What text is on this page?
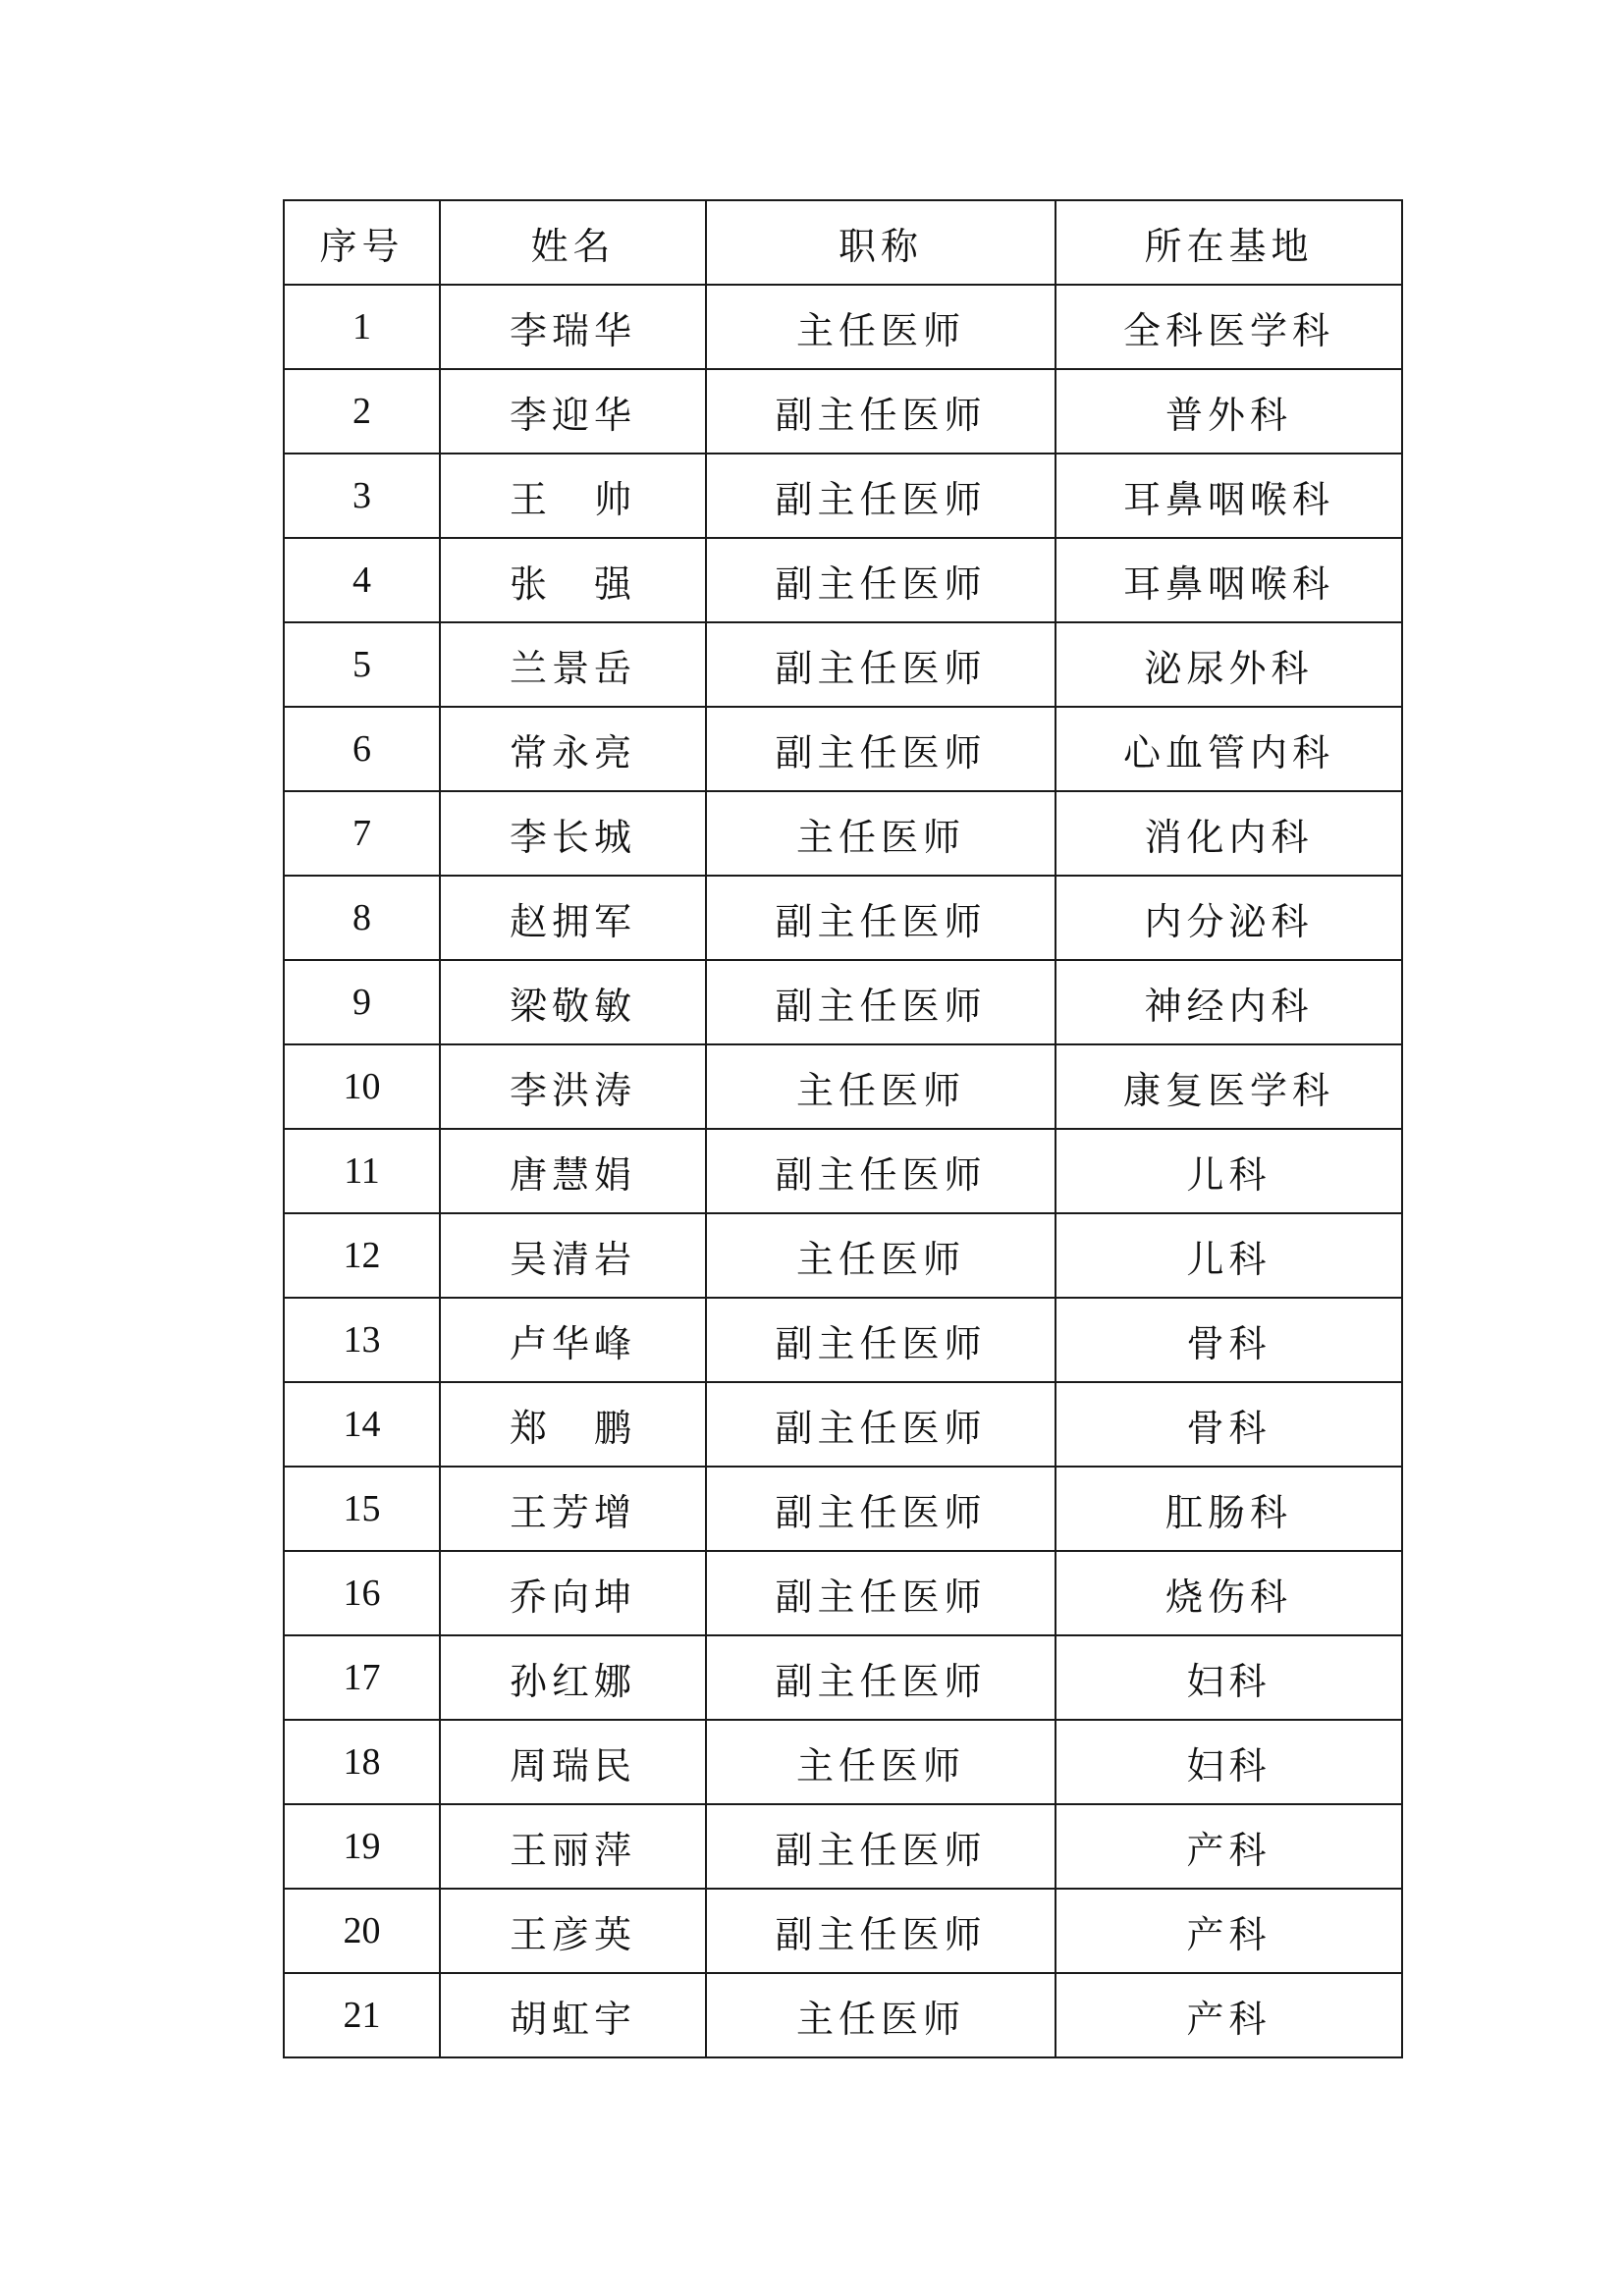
序号	姓名	职称	所在基地
1	李瑞华	主任医师	全科医学科
2	李迎华	副主任医师	普外科
3	王　帅	副主任医师	耳鼻咽喉科
4	张　强	副主任医师	耳鼻咽喉科
5	兰景岳	副主任医师	泌尿外科
6	常永亮	副主任医师	心血管内科
7	李长城	主任医师	消化内科
8	赵拥军	副主任医师	内分泌科
9	梁敬敏	副主任医师	神经内科
10	李洪涛	主任医师	康复医学科
11	唐慧娟	副主任医师	儿科
12	吴清岩	主任医师	儿科
13	卢华峰	副主任医师	骨科
14	郑　鹏	副主任医师	骨科
15	王芳增	副主任医师	肛肠科
16	乔向坤	副主任医师	烧伤科
17	孙红娜	副主任医师	妇科
18	周瑞民	主任医师	妇科
19	王丽萍	副主任医师	产科
20	王彦英	副主任医师	产科
21	胡虹宇	主任医师	产科
